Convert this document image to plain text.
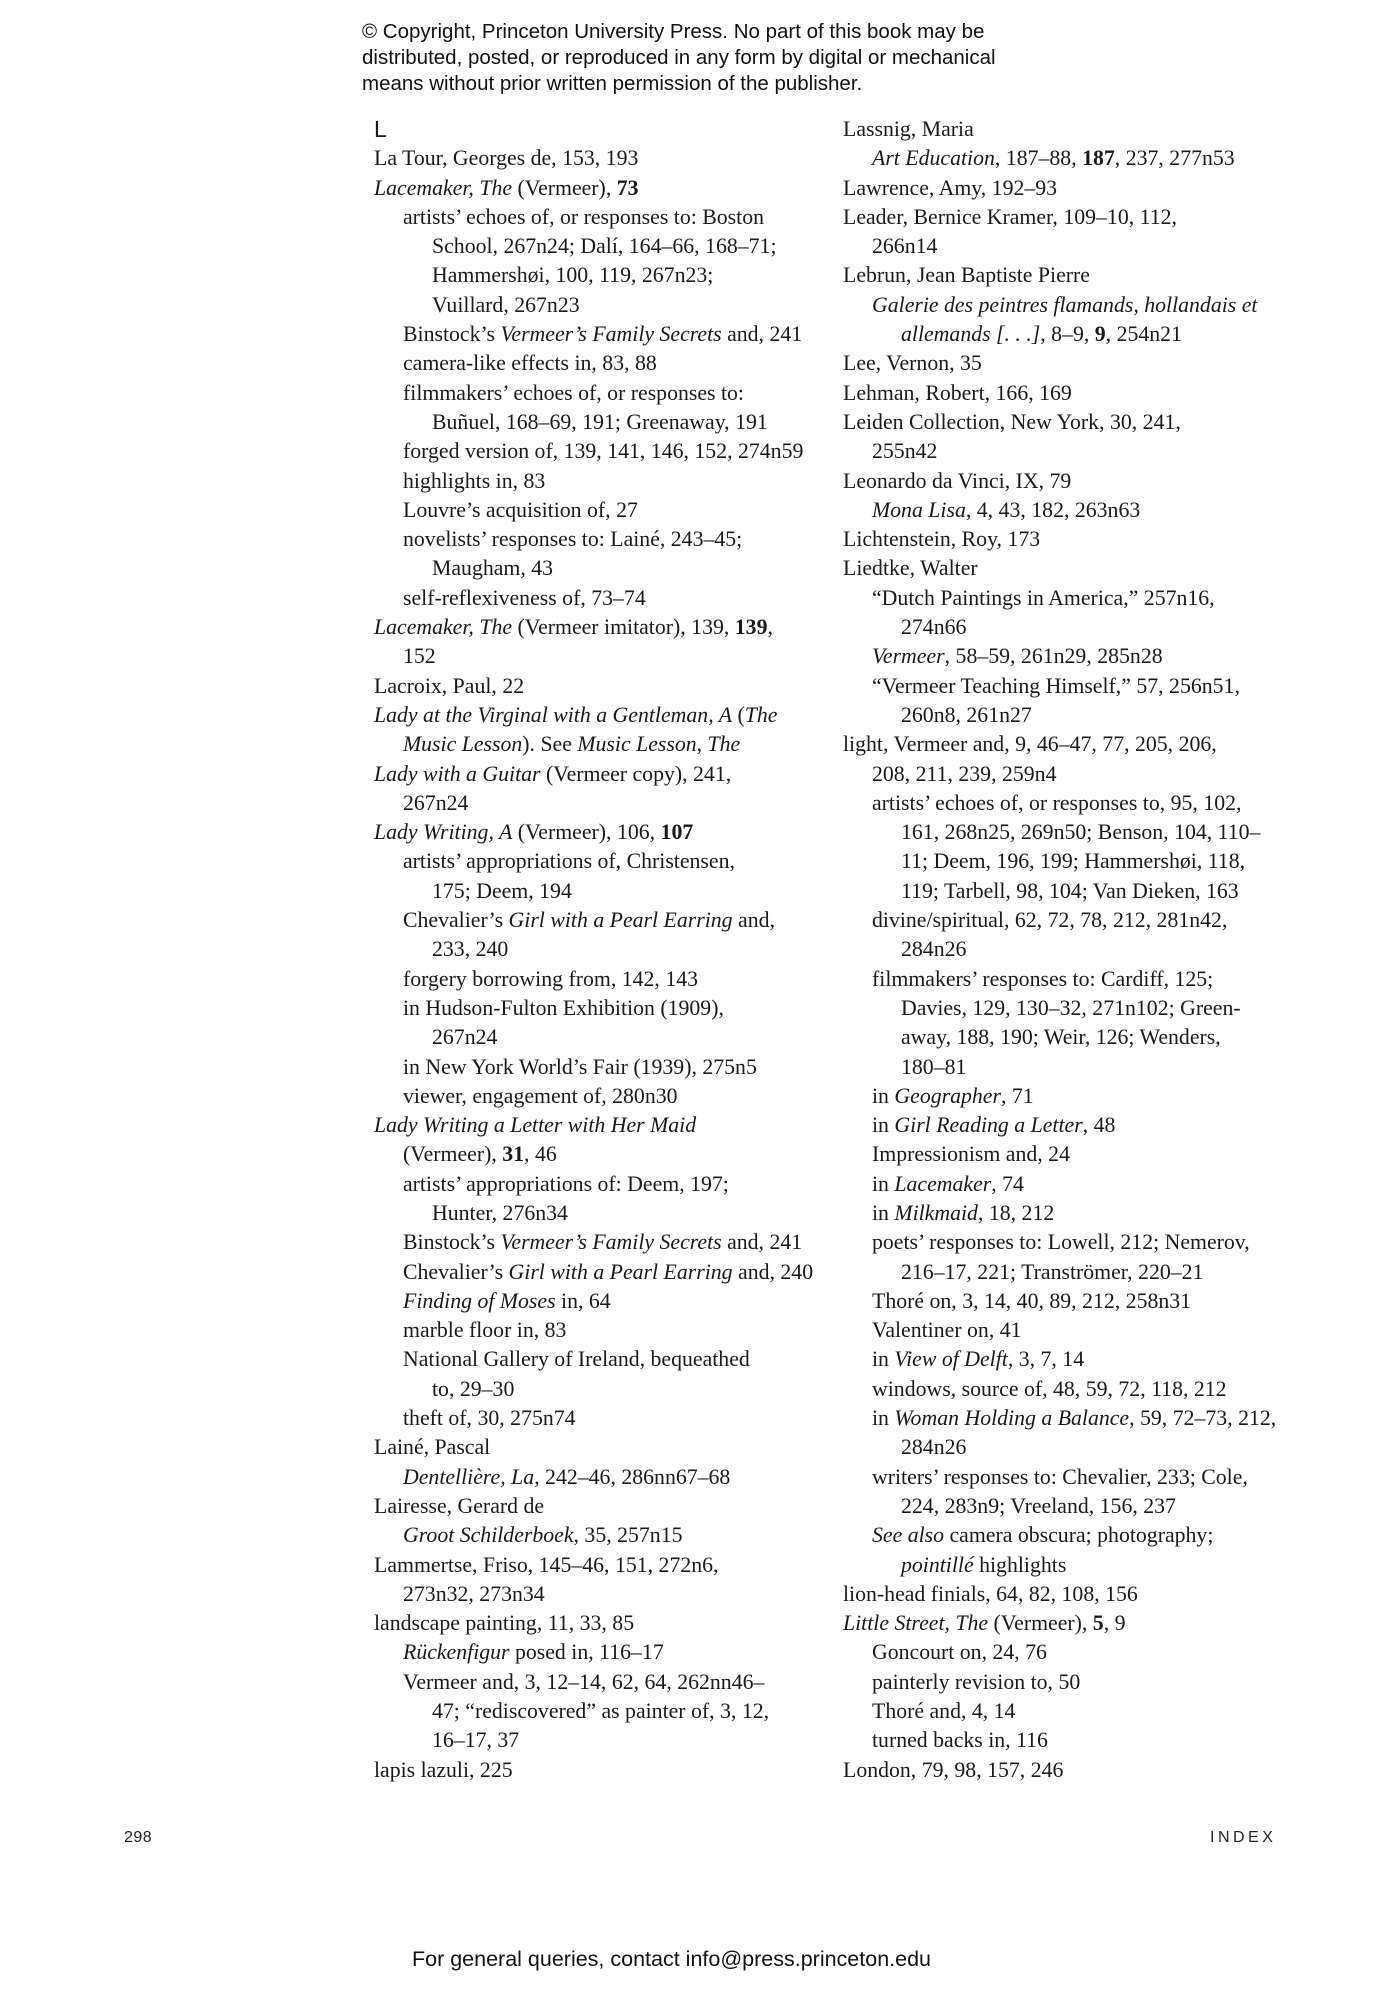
© Copyright, Princeton University Press. No part of this book may be
distributed, posted, or reproduced in any form by digital or mechanical
means without prior written permission of the publisher.
L
La Tour, Georges de, 153, 193
Lacemaker, The (Vermeer), 73
artists’ echoes of, or responses to: Boston
School, 267n24; Dalí, 164–66, 168–71;
Hammershøi, 100, 119, 267n23;
Vuillard, 267n23
Binstock’s Vermeer’s Family Secrets and, 241
camera-like effects in, 83, 88
filmmakers’ echoes of, or responses to:
Buñuel, 168–69, 191; Greenaway, 191
forged version of, 139, 141, 146, 152, 274n59
highlights in, 83
Louvre’s acquisition of, 27
novelists’ responses to: Lainé, 243–45;
Maugham, 43
self-reflexiveness of, 73–74
Lacemaker, The (Vermeer imitator), 139, 139,
152
Lacroix, Paul, 22
Lady at the Virginal with a Gentleman, A (The
Music Lesson). See Music Lesson, The
Lady with a Guitar (Vermeer copy), 241,
267n24
Lady Writing, A (Vermeer), 106, 107
artists’ appropriations of, Christensen,
175; Deem, 194
Chevalier’s Girl with a Pearl Earring and,
233, 240
forgery borrowing from, 142, 143
in Hudson-Fulton Exhibition (1909),
267n24
in New York World’s Fair (1939), 275n5
viewer, engagement of, 280n30
Lady Writing a Letter with Her Maid
(Vermeer), 31, 46
artists’ appropriations of: Deem, 197;
Hunter, 276n34
Binstock’s Vermeer’s Family Secrets and, 241
Chevalier’s Girl with a Pearl Earring and, 240
Finding of Moses in, 64
marble floor in, 83
National Gallery of Ireland, bequeathed
to, 29–30
theft of, 30, 275n74
Lainé, Pascal
Dentellière, La, 242–46, 286nn67–68
Lairesse, Gerard de
Groot Schilderboek, 35, 257n15
Lammertse, Friso, 145–46, 151, 272n6,
273n32, 273n34
landscape painting, 11, 33, 85
Rückenfigur posed in, 116–17
Vermeer and, 3, 12–14, 62, 64, 262nn46–
47; “rediscovered” as painter of, 3, 12,
16–17, 37
lapis lazuli, 225
Lassnig, Maria
Art Education, 187–88, 187, 237, 277n53
Lawrence, Amy, 192–93
Leader, Bernice Kramer, 109–10, 112,
266n14
Lebrun, Jean Baptiste Pierre
Galerie des peintres flamands, hollandais et
allemands [. . .], 8–9, 9, 254n21
Lee, Vernon, 35
Lehman, Robert, 166, 169
Leiden Collection, New York, 30, 241,
255n42
Leonardo da Vinci, IX, 79
Mona Lisa, 4, 43, 182, 263n63
Lichtenstein, Roy, 173
Liedtke, Walter
“Dutch Paintings in America,” 257n16,
274n66
Vermeer, 58–59, 261n29, 285n28
“Vermeer Teaching Himself,” 57, 256n51,
260n8, 261n27
light, Vermeer and, 9, 46–47, 77, 205, 206,
208, 211, 239, 259n4
artists’ echoes of, or responses to, 95, 102,
161, 268n25, 269n50; Benson, 104, 110–
11; Deem, 196, 199; Hammershøi, 118,
119; Tarbell, 98, 104; Van Dieken, 163
divine/spiritual, 62, 72, 78, 212, 281n42,
284n26
filmmakers’ responses to: Cardiff, 125;
Davies, 129, 130–32, 271n102; Green-
away, 188, 190; Weir, 126; Wenders,
180–81
in Geographer, 71
in Girl Reading a Letter, 48
Impressionism and, 24
in Lacemaker, 74
in Milkmaid, 18, 212
poets’ responses to: Lowell, 212; Nemerov,
216–17, 221; Tranströmer, 220–21
Thoré on, 3, 14, 40, 89, 212, 258n31
Valentiner on, 41
in View of Delft, 3, 7, 14
windows, source of, 48, 59, 72, 118, 212
in Woman Holding a Balance, 59, 72–73, 212,
284n26
writers’ responses to: Chevalier, 233; Cole,
224, 283n9; Vreeland, 156, 237
See also camera obscura; photography;
pointillé highlights
lion-head finials, 64, 82, 108, 156
Little Street, The (Vermeer), 5, 9
Goncourt on, 24, 76
painterly revision to, 50
Thoré and, 4, 14
turned backs in, 116
London, 79, 98, 157, 246
298	INDEX
For general queries, contact info@press.princeton.edu
